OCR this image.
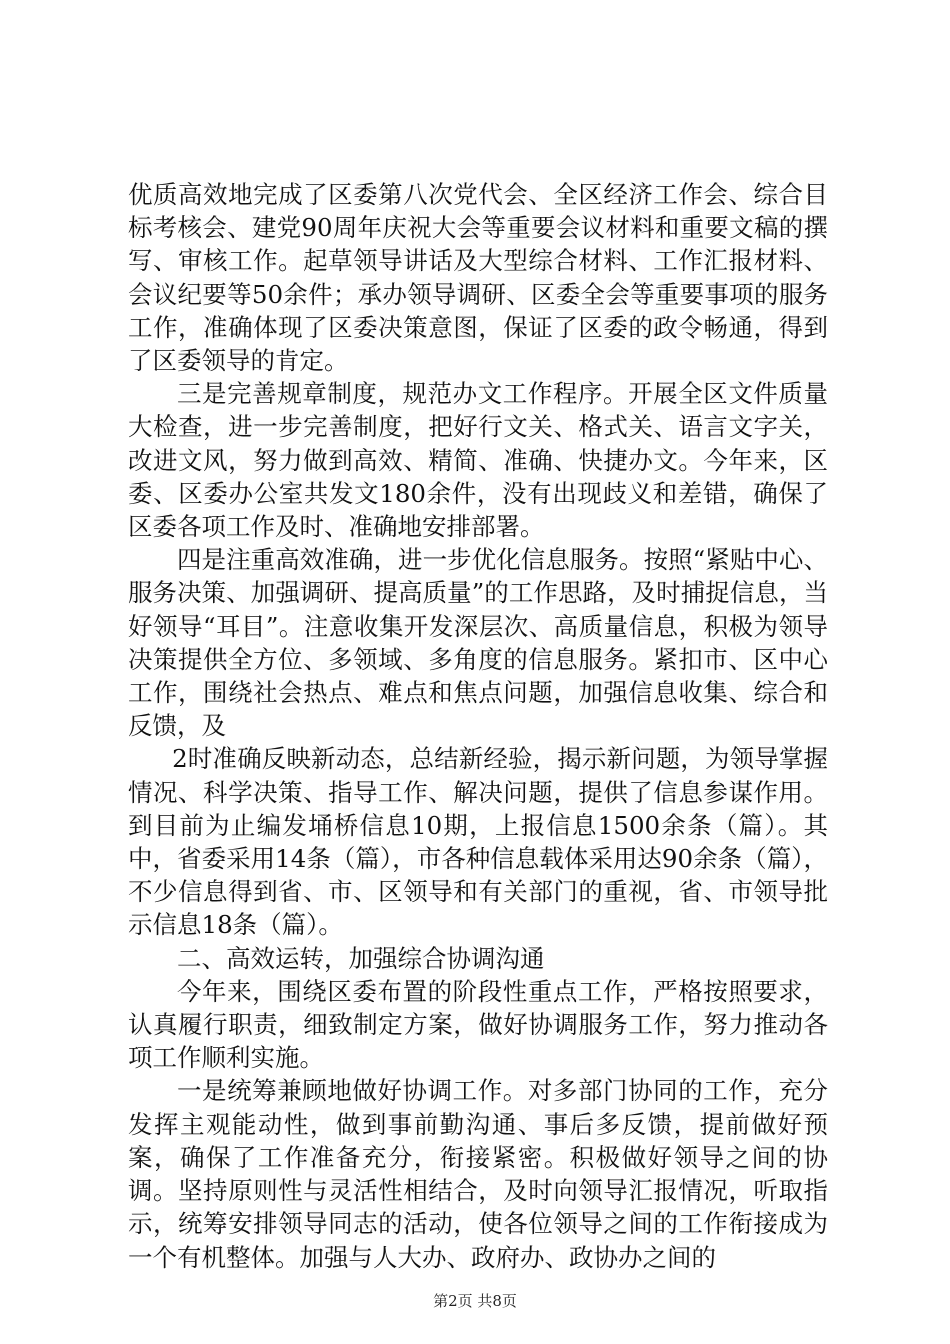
优质高效地完成了区委第八次党代会、全区经济工作会、综合目标考核会、建党90周年庆祝大会等重要会议材料和重要文稿的撰写、审核工作。起草领导讲话及大型综合材料、工作汇报材料、会议纪要等50余件；承办领导调研、区委全会等重要事项的服务工作，准确体现了区委决策意图，保证了区委的政令畅通，得到了区委领导的肯定。

三是完善规章制度，规范办文工作程序。开展全区文件质量大检查，进一步完善制度，把好行文关、格式关、语言文字关，改进文风，努力做到高效、精简、准确、快捷办文。今年来，区委、区委办公室共发文180余件，没有出现歧义和差错，确保了区委各项工作及时、准确地安排部署。

四是注重高效准确，进一步优化信息服务。按照“紧贴中心、服务决策、加强调研、提高质量”的工作思路，及时捕捉信息，当好领导“耳目”。注意收集开发深层次、高质量信息，积极为领导决策提供全方位、多领域、多角度的信息服务。紧扣市、区中心工作，围绕社会热点、难点和焦点问题，加强信息收集、综合和反馈，及

2时准确反映新动态，总结新经验，揭示新问题，为领导掌握情况、科学决策、指导工作、解决问题，提供了信息参谋作用。到目前为止编发埇桥信息10期，上报信息1500余条（篇）。其中，省委采用14条（篇），市各种信息载体采用达90余条（篇），不少信息得到省、市、区领导和有关部门的重视，省、市领导批示信息18条（篇）。

二、高效运转，加强综合协调沟通

今年来，围绕区委布置的阶段性重点工作，严格按照要求，认真履行职责，细致制定方案，做好协调服务工作，努力推动各项工作顺利实施。

一是统筹兼顾地做好协调工作。对多部门协同的工作，充分发挥主观能动性，做到事前勤沟通、事后多反馈，提前做好预案，确保了工作准备充分，衔接紧密。积极做好领导之间的协调。坚持原则性与灵活性相结合，及时向领导汇报情况，听取指示，统筹安排领导同志的活动，使各位领导之间的工作衔接成为一个有机整体。加强与人大办、政府办、政协办之间的

第2页 共8页
